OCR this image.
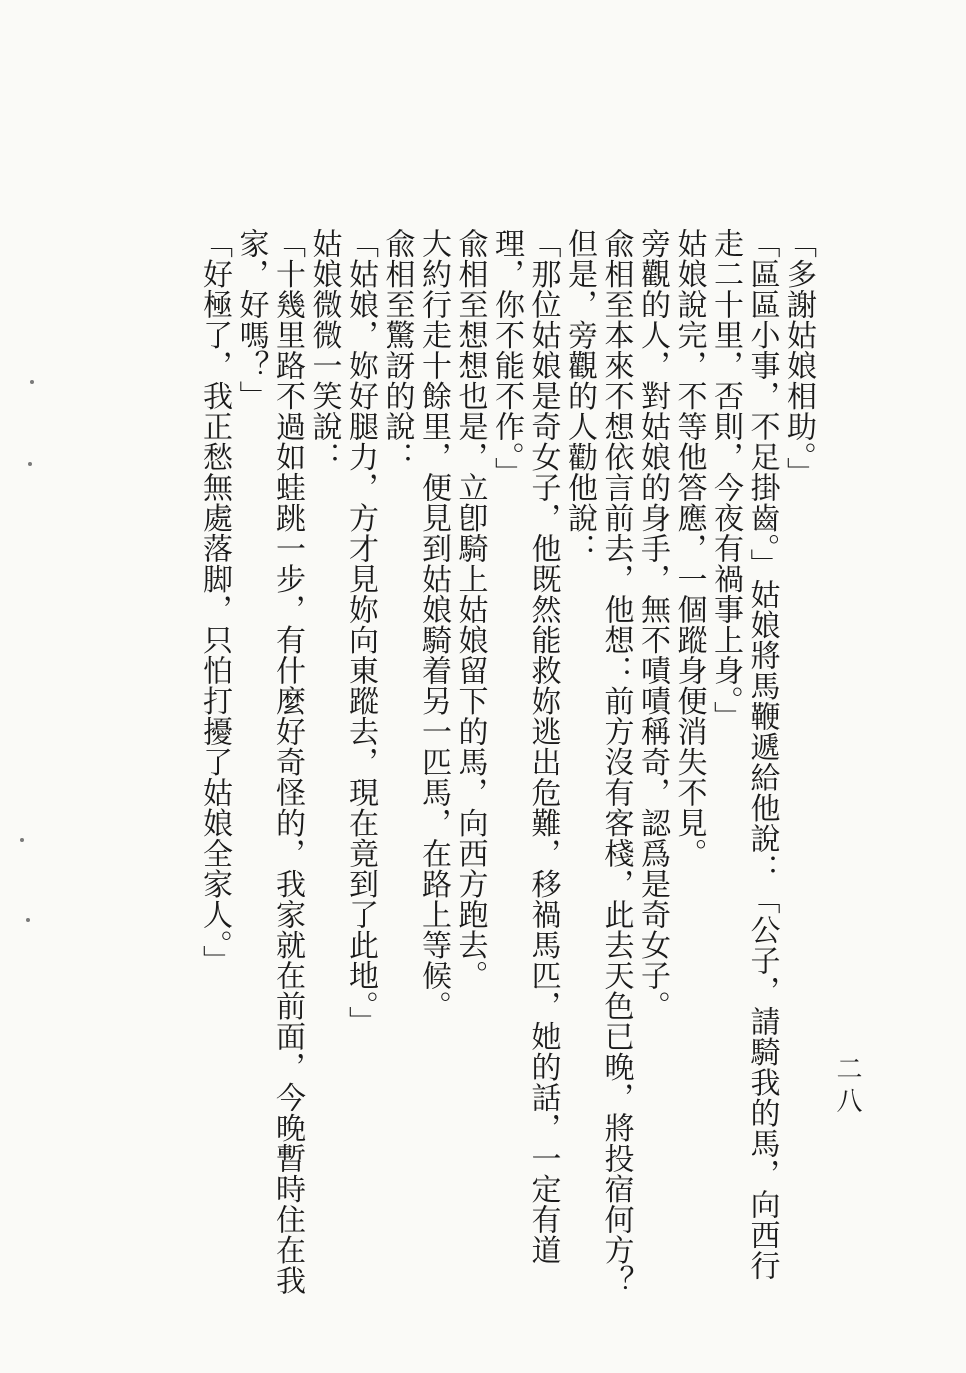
二八

「多謝姑娘相助。」

「區區小事，不足掛齒。」姑娘將馬鞭遞給他說：「公子，請騎我的馬，向西行走二十里，否則，今夜有禍事上身。」

姑娘說完，不等他答應，一個蹤身便消失不見。

旁觀的人，對姑娘的身手，無不嘖嘖稱奇，認爲是奇女子。

兪相至本來不想依言前去，他想：前方沒有客棧，此去天色已晚，將投宿何方？

但是，旁觀的人勸他說：

「那位姑娘是奇女子，他既然能救妳逃出危難，移禍馬匹，她的話，一定有道理，你不能不作。」

兪相至想想也是，立卽騎上姑娘留下的馬，向西方跑去。

大約行走十餘里，便見到姑娘騎着另一匹馬，在路上等候。

兪相至驚訝的說：

「姑娘，妳好腿力，方才見妳向東蹤去，現在竟到了此地。」

姑娘微微一笑說：

「十幾里路不過如蛙跳一步，有什麼好奇怪的，我家就在前面，今晚暫時住在我家，好嗎？」

「好極了，我正愁無處落脚，只怕打擾了姑娘全家人。」
